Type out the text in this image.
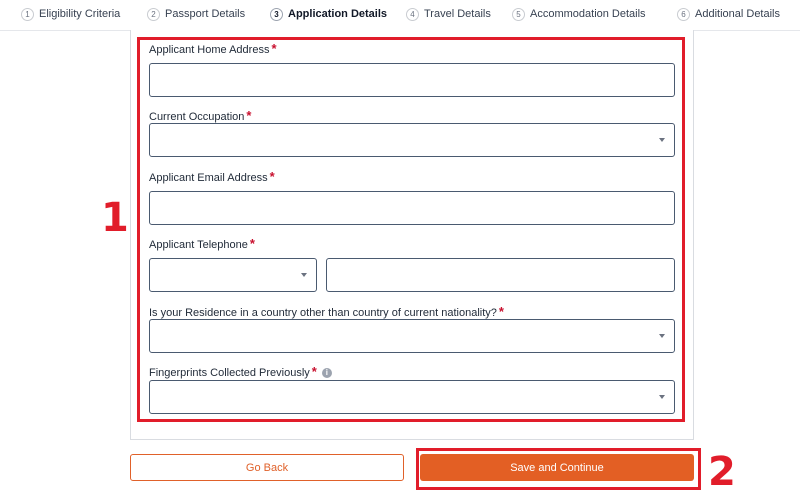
1 Eligibility Criteria	2 Passport Details	3 Application Details	4 Travel Details	5 Accommodation Details	6 Additional Details
Applicant Home Address *
Current Occupation *
Applicant Email Address *
Applicant Telephone *
Is your Residence in a country other than country of current nationality? *
Fingerprints Collected Previously * i
1
Go Back	Save and Continue	2
